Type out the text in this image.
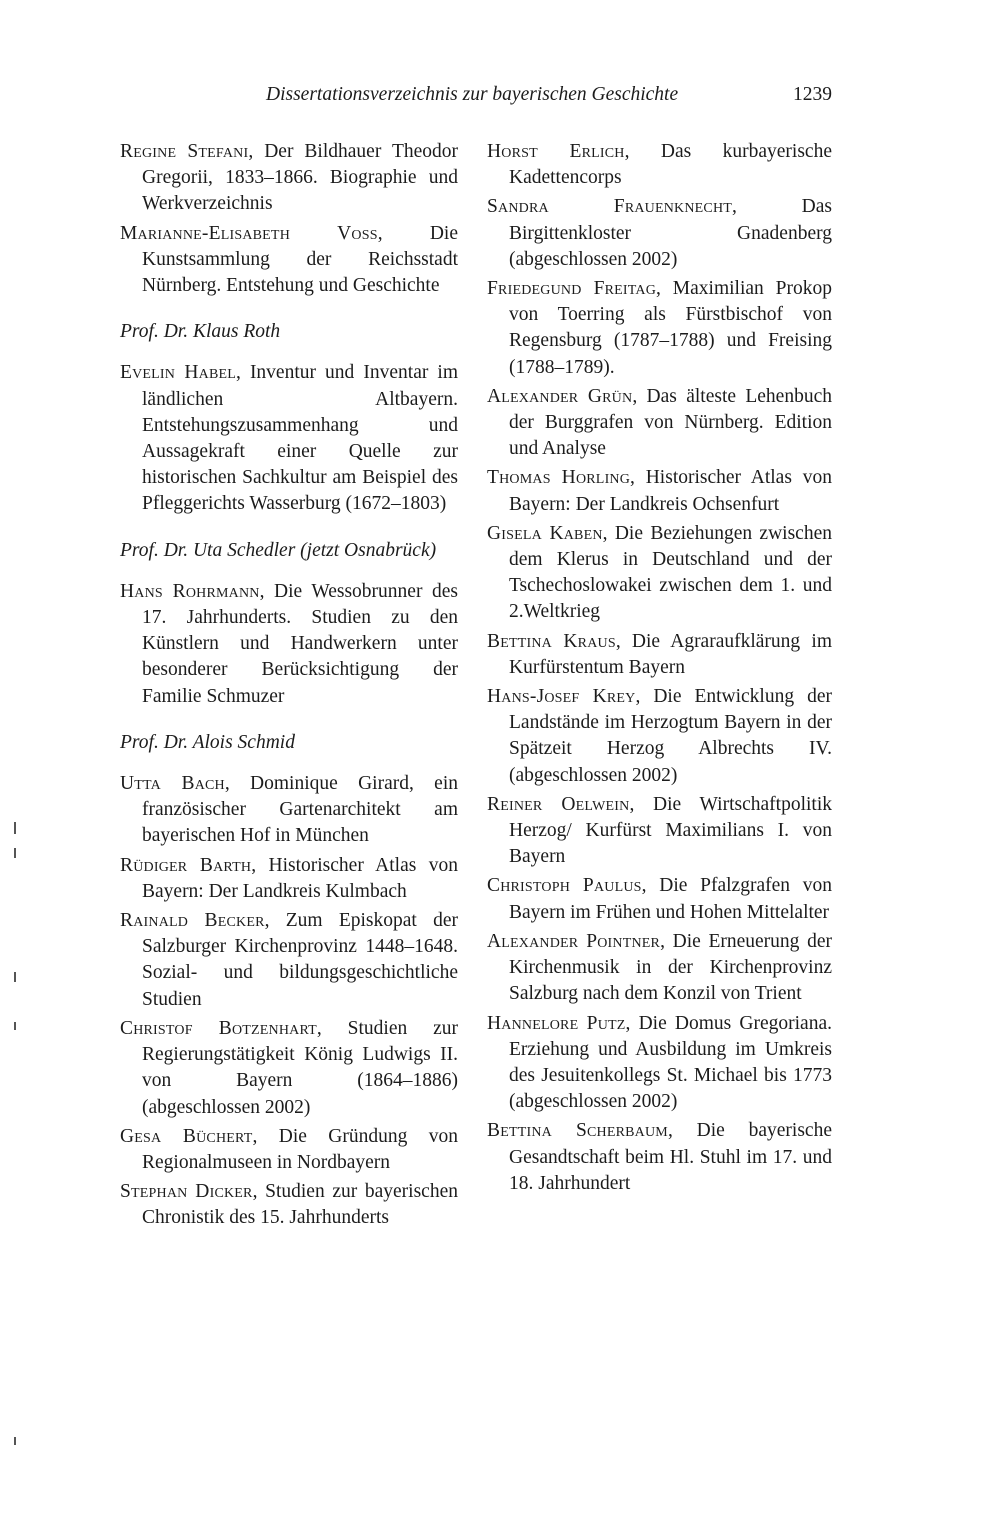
Dissertationsverzeichnis zur bayerischen Geschichte	1239

Regine Stefani, Der Bildhauer Theodor Gregorii, 1833–1866. Biographie und Werkverzeichnis

Marianne-Elisabeth Voss, Die Kunstsammlung der Reichsstadt Nürnberg. Entstehung und Geschichte

Prof. Dr. Klaus Roth

Evelin Habel, Inventur und Inventar im ländlichen Altbayern. Entstehungszusammenhang und Aussagekraft einer Quelle zur historischen Sachkultur am Beispiel des Pfleggerichts Wasserburg (1672–1803)

Prof. Dr. Uta Schedler (jetzt Osnabrück)

Hans Rohrmann, Die Wessobrunner des 17. Jahrhunderts. Studien zu den Künstlern und Handwerkern unter besonderer Berücksichtigung der Familie Schmuzer

Prof. Dr. Alois Schmid

Utta Bach, Dominique Girard, ein französischer Gartenarchitekt am bayerischen Hof in München

Rüdiger Barth, Historischer Atlas von Bayern: Der Landkreis Kulmbach

Rainald Becker, Zum Episkopat der Salzburger Kirchenprovinz 1448–1648. Sozial- und bildungsgeschichtliche Studien

Christof Botzenhart, Studien zur Regierungstätigkeit König Ludwigs II. von Bayern (1864–1886) (abgeschlossen 2002)

Gesa Büchert, Die Gründung von Regionalmuseen in Nordbayern

Stephan Dicker, Studien zur bayerischen Chronistik des 15. Jahrhunderts

Horst Erlich, Das kurbayerische Kadettencorps

Sandra Frauenknecht, Das Birgittenkloster Gnadenberg (abgeschlossen 2002)

Friedegund Freitag, Maximilian Prokop von Toerring als Fürstbischof von Regensburg (1787–1788) und Freising (1788–1789).

Alexander Grün, Das älteste Lehenbuch der Burggrafen von Nürnberg. Edition und Analyse

Thomas Horling, Historischer Atlas von Bayern: Der Landkreis Ochsenfurt

Gisela Kaben, Die Beziehungen zwischen dem Klerus in Deutschland und der Tschechoslowakei zwischen dem 1. und 2.Weltkrieg

Bettina Kraus, Die Agraraufklärung im Kurfürstentum Bayern

Hans-Josef Krey, Die Entwicklung der Landstände im Herzogtum Bayern in der Spätzeit Herzog Albrechts IV. (abgeschlossen 2002)

Reiner Oelwein, Die Wirtschaftpolitik Herzog/ Kurfürst Maximilians I. von Bayern

Christoph Paulus, Die Pfalzgrafen von Bayern im Frühen und Hohen Mittelalter

Alexander Pointner, Die Erneuerung der Kirchenmusik in der Kirchenprovinz Salzburg nach dem Konzil von Trient

Hannelore Putz, Die Domus Gregoriana. Erziehung und Ausbildung im Umkreis des Jesuitenkollegs St. Michael bis 1773 (abgeschlossen 2002)

Bettina Scherbaum, Die bayerische Gesandtschaft beim Hl. Stuhl im 17. und 18. Jahrhundert
